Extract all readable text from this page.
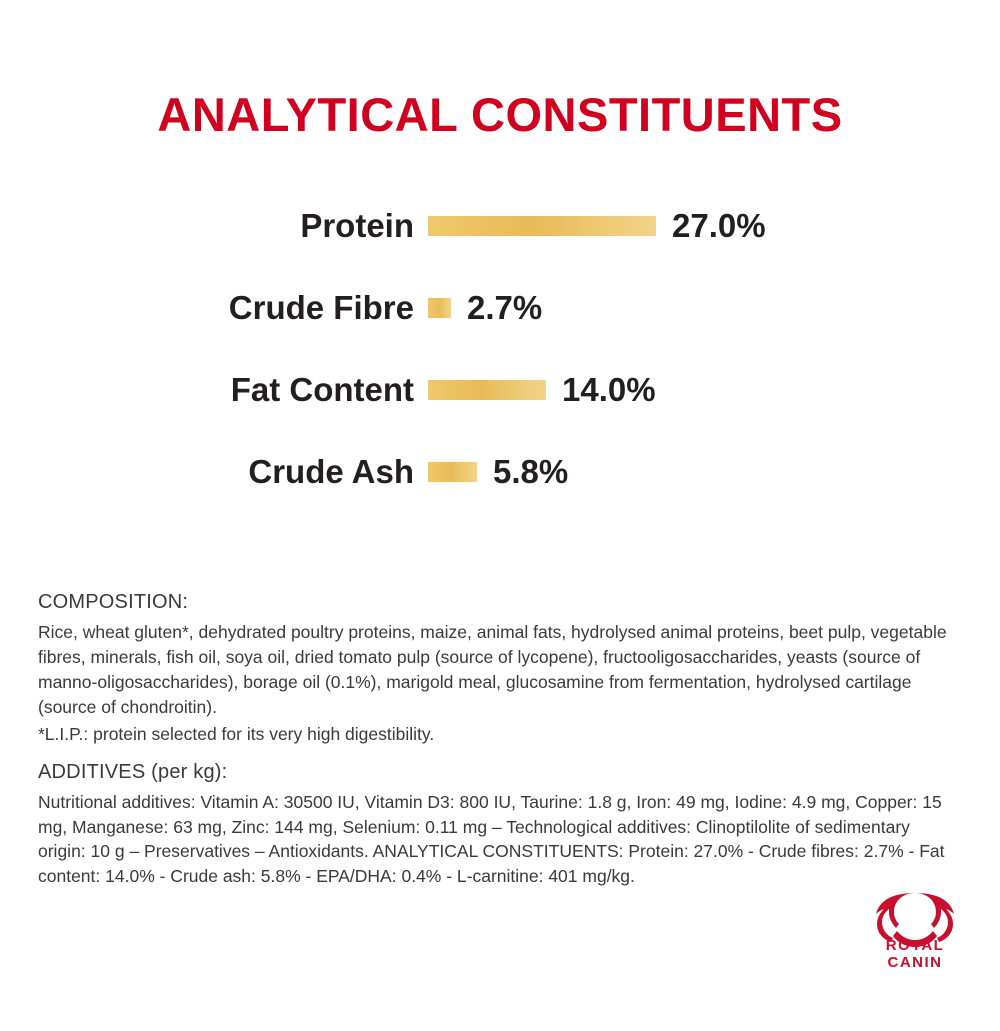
ANALYTICAL CONSTITUENTS
Protein	27.0%
Crude Fibre	2.7%
Fat Content	14.0%
Crude Ash	5.8%
COMPOSITION:

Rice, wheat gluten*, dehydrated poultry proteins, maize, animal fats, hydrolysed animal proteins, beet pulp, vegetable fibres, minerals, fish oil, soya oil, dried tomato pulp (source of lycopene), fructooligosaccharides, yeasts (source of manno-oligosaccharides), borage oil (0.1%), marigold meal, glucosamine from fermentation, hydrolysed cartilage (source of chondroitin).

*L.I.P.: protein selected for its very high digestibility.

ADDITIVES (per kg):

Nutritional additives: Vitamin A: 30500 IU, Vitamin D3: 800 IU, Taurine: 1.8 g, Iron: 49 mg, Iodine: 4.9 mg, Copper: 15 mg, Manganese: 63 mg, Zinc: 144 mg, Selenium: 0.11 mg – Technological additives: Clinoptilolite of sedimentary origin: 10 g – Preservatives – Antioxidants. ANALYTICAL CONSTITUENTS: Protein: 27.0% - Crude fibres: 2.7% - Fat content: 14.0% - Crude ash: 5.8% - EPA/DHA: 0.4% - L-carnitine: 401 mg/kg.

ROYAL CANIN
